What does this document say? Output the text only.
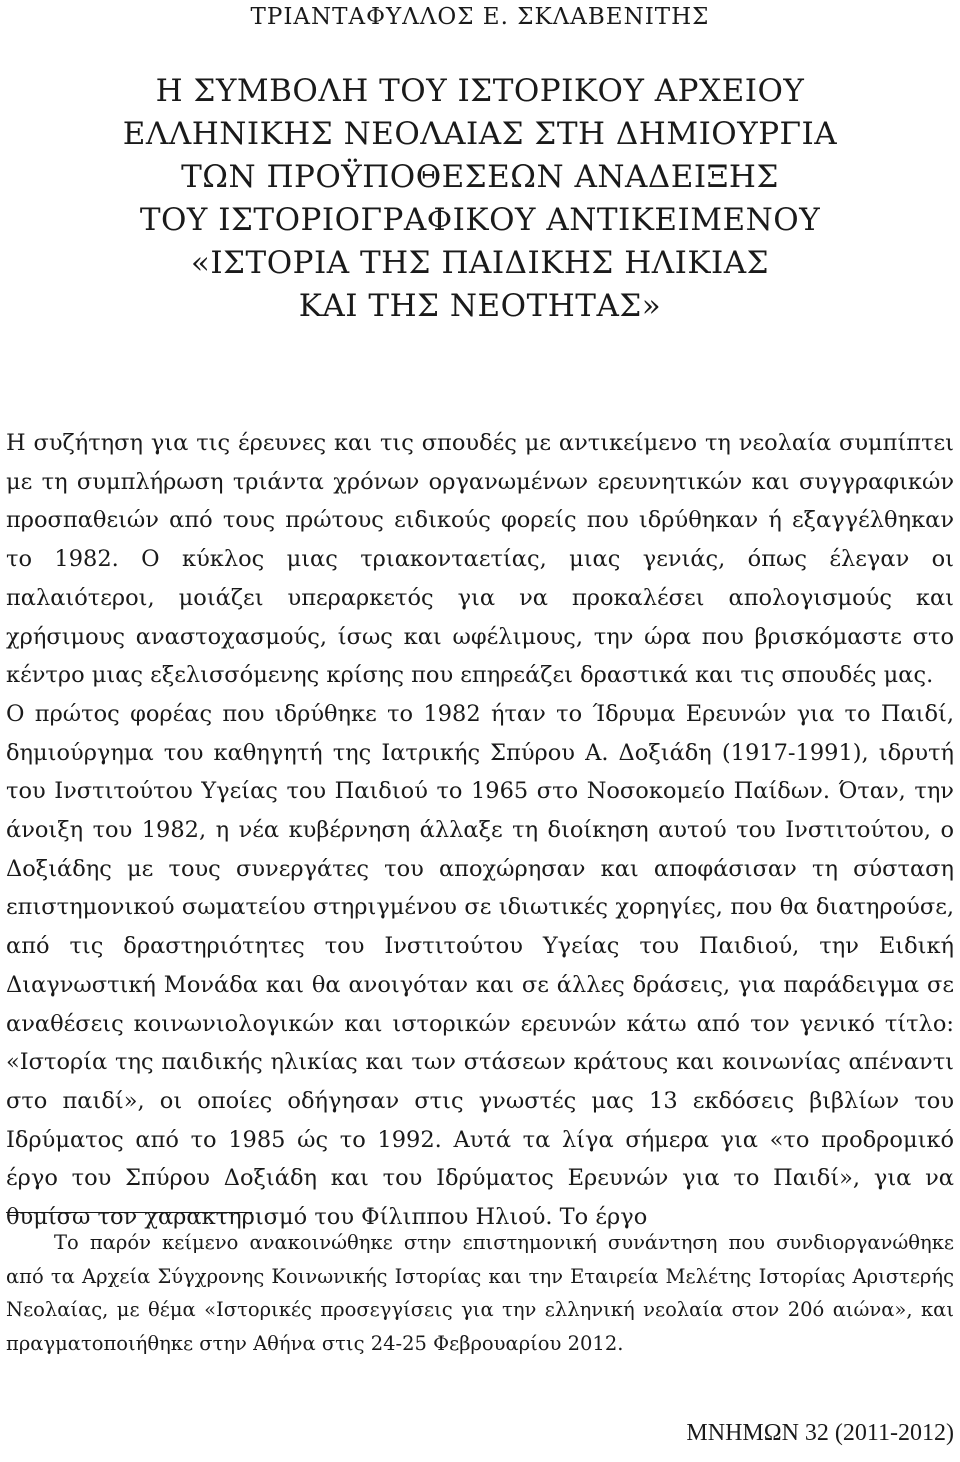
ΤΡΙΑΝΤΑΦΥΛΛΟΣ Ε. ΣΚΛΑΒΕΝΙΤΗΣ
Η ΣΥΜΒΟΛΗ ΤΟΥ ΙΣΤΟΡΙΚΟΥ ΑΡΧΕΙΟΥ
ΕΛΛΗΝΙΚΗΣ ΝΕΟΛΑΙΑΣ ΣΤΗ ΔΗΜΙΟΥΡΓΙΑ
ΤΩΝ ΠΡΟΫΠΟΘΕΣΕΩΝ ΑΝΑΔΕΙΞΗΣ
ΤΟΥ ΙΣΤΟΡΙΟΓΡΑΦΙΚΟΥ ΑΝΤΙΚΕΙΜΕΝΟΥ
«ΙΣΤΟΡΙΑ ΤΗΣ ΠΑΙΔΙΚΗΣ ΗΛΙΚΙΑΣ
ΚΑΙ ΤΗΣ ΝΕΟΤΗΤΑΣ»

Η συζήτηση για τις έρευνες και τις σπουδές με αντικείμενο τη νεολαία συμπίπτει με τη συμπλήρωση τριάντα χρόνων οργανωμένων ερευνητικών και συγγραφικών προσπαθειών από τους πρώτους ειδικούς φορείς που ιδρύθηκαν ή εξαγγέλθηκαν το 1982. Ο κύκλος μιας τριακονταετίας, μιας γενιάς, όπως έλεγαν οι παλαιότεροι, μοιάζει υπεραρκετός για να προκαλέσει απολογισμούς και χρήσιμους αναστοχασμούς, ίσως και ωφέλιμους, την ώρα που βρισκόμαστε στο κέντρο μιας εξελισσόμενης κρίσης που επηρεάζει δραστικά και τις σπουδές μας.

Ο πρώτος φορέας που ιδρύθηκε το 1982 ήταν το Ίδρυμα Ερευνών για το Παιδί, δημιούργημα του καθηγητή της Ιατρικής Σπύρου Α. Δοξιάδη (1917-1991), ιδρυτή του Ινστιτούτου Υγείας του Παιδιού το 1965 στο Νοσοκομείο Παίδων. Όταν, την άνοιξη του 1982, η νέα κυβέρνηση άλλαξε τη διοίκηση αυτού του Ινστιτούτου, ο Δοξιάδης με τους συνεργάτες του αποχώρησαν και αποφάσισαν τη σύσταση επιστημονικού σωματείου στηριγμένου σε ιδιωτικές χορηγίες, που θα διατηρούσε, από τις δραστηριότητες του Ινστιτούτου Υγείας του Παιδιού, την Ειδική Διαγνωστική Μονάδα και θα ανοιγόταν και σε άλλες δράσεις, για παράδειγμα σε αναθέσεις κοινωνιολογικών και ιστορικών ερευνών κάτω από τον γενικό τίτλο: «Ιστορία της παιδικής ηλικίας και των στάσεων κράτους και κοινωνίας απέναντι στο παιδί», οι οποίες οδήγησαν στις γνωστές μας 13 εκδόσεις βιβλίων του Ιδρύματος από το 1985 ώς το 1992. Αυτά τα λίγα σήμερα για «το προδρομικό έργο του Σπύρου Δοξιάδη και του Ιδρύματος Ερευνών για το Παιδί», για να θυμίσω τον χαρακτηρισμό του Φίλιππου Ηλιού. Το έργο

Το παρόν κείμενο ανακοινώθηκε στην επιστημονική συνάντηση που συνδιοργανώθηκε από τα Αρχεία Σύγχρονης Κοινωνικής Ιστορίας και την Εταιρεία Μελέτης Ιστορίας Αριστερής Νεολαίας, με θέμα «Ιστορικές προσεγγίσεις για την ελληνική νεολαία στον 20ό αιώνα», και πραγματοποιήθηκε στην Αθήνα στις 24-25 Φεβρουαρίου 2012.
ΜΝΗΜΩΝ 32 (2011-2012)
